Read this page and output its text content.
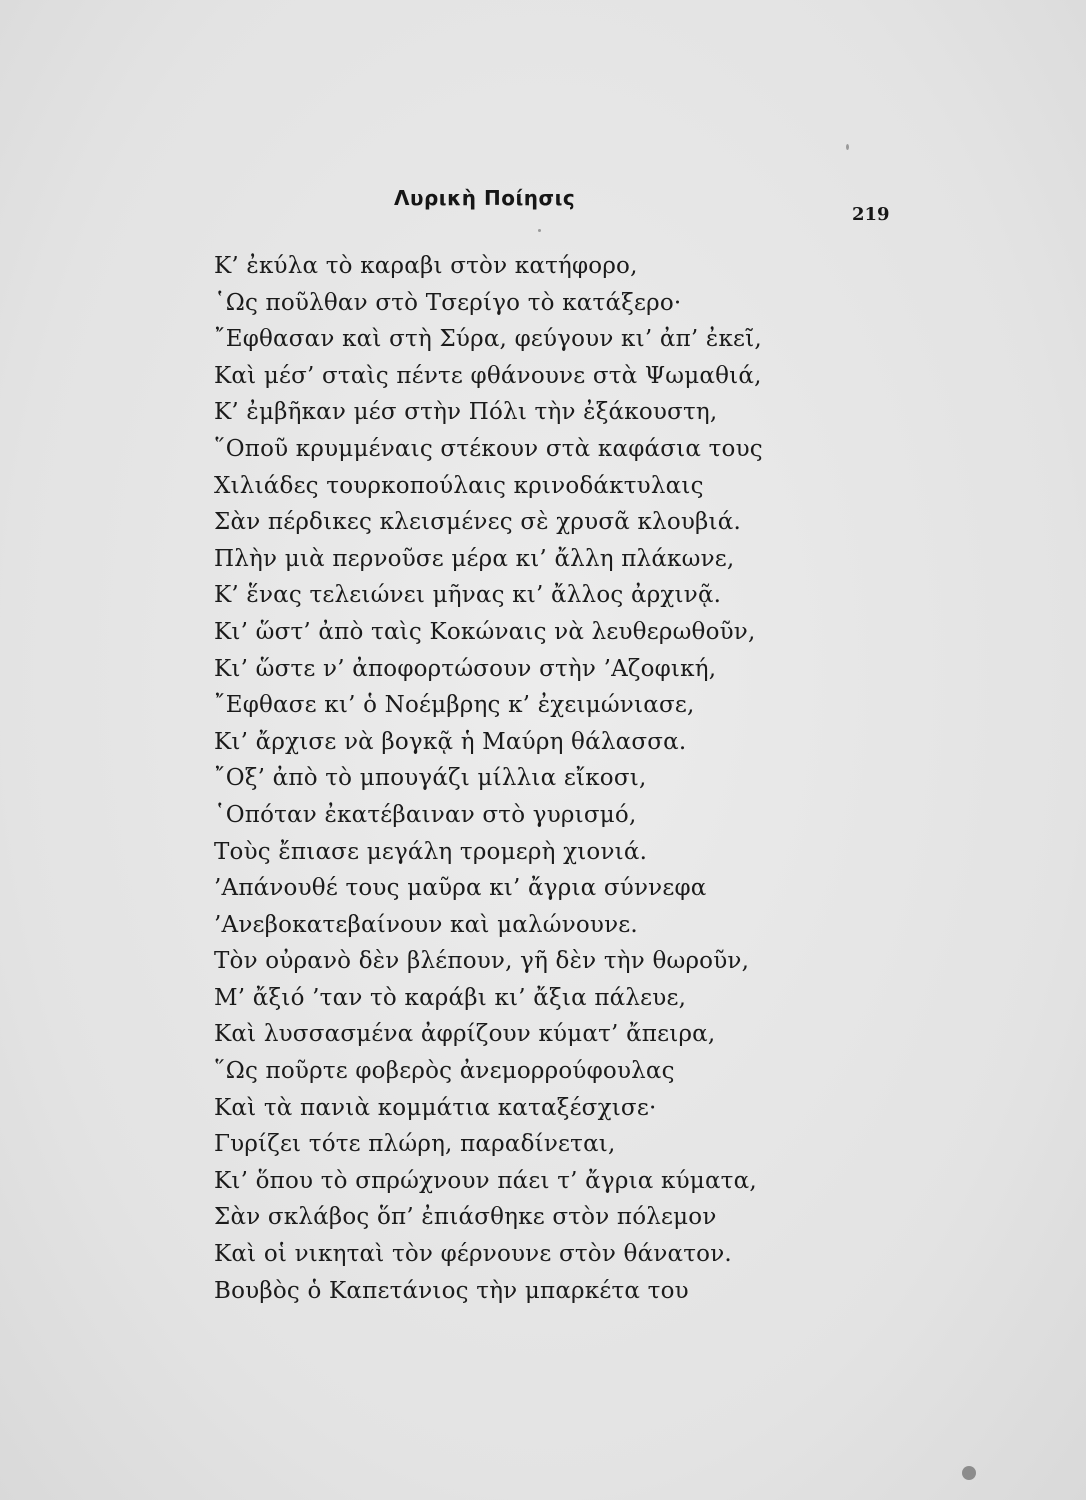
Λυρικὴ Ποίησις
219
Κ’ ἐκύλα τὸ καραβι στὸν κατήφορο,
῾Ως ποῦλθαν στὸ Τσερίγο τὸ κατάξερο·
῎Εφθασαν καὶ στὴ Σύρα, φεύγουν κι’ ἀπ’ ἐκεῖ,
Καὶ μέσ’ σταὶς πέντε φθάνουνε στὰ Ψωμαθιά,
Κ’ ἐμβῆκαν μέσ στὴν Πόλι τὴν ἐξάκουστη,
῞Οποῦ κρυμμέναις στέκουν στὰ καφάσια τους
Χιλιάδες τουρκοπούλαις κρινοδάκτυλαις
Σὰν πέρδικες κλεισμένες σὲ χρυσᾶ κλουβιά.
Πλὴν μιὰ περνοῦσε μέρα κι’ ἄλλη πλάκωνε,
Κ’ ἕνας τελειώνει μῆνας κι’ ἄλλος ἀρχινᾷ.
Κι’ ὥστ’ ἀπὸ ταὶς Κοκώναις νὰ λευθερωθοῦν,
Κι’ ὥστε ν’ ἀποφορτώσουν στὴν ’Αζοφική,
῎Εφθασε κι’ ὁ Νοέμβρης κ’ ἐχειμώνιασε,
Κι’ ἄρχισε νὰ βογκᾷ ἡ Μαύρη θάλασσα.
῎Οξ’ ἀπὸ τὸ μπουγάζι μίλλια εἴκοσι,
῾Οπόταν ἐκατέβαιναν στὸ γυρισμό,
Τοὺς ἔπιασε μεγάλη τρομερὴ χιονιά.
’Απάνουθέ τους μαῦρα κι’ ἄγρια σύννεφα
’Ανεβοκατεβαίνουν καὶ μαλώνουνε.
Τὸν οὐρανὸ δὲν βλέπουν, γῆ δὲν τὴν θωροῦν,
Μ’ ἄξιό ’ταν τὸ καράβι κι’ ἄξια πάλευε,
Καὶ λυσσασμένα ἀφρίζουν κύματ’ ἄπειρα,
῞Ως ποῦρτε φοβερὸς ἀνεμορρούφουλας
Καὶ τὰ πανιὰ κομμάτια καταξέσχισε·
Γυρίζει τότε πλώρη, παραδίνεται,
Κι’ ὅπου τὸ σπρώχνουν πάει τ’ ἄγρια κύματα,
Σὰν σκλάβος ὅπ’ ἐπιάσθηκε στὸν πόλεμον
Καὶ οἱ νικηταὶ τὸν φέρνουνε στὸν θάνατον.
Βουβὸς ὁ Καπετάνιος τὴν μπαρκέτα του
